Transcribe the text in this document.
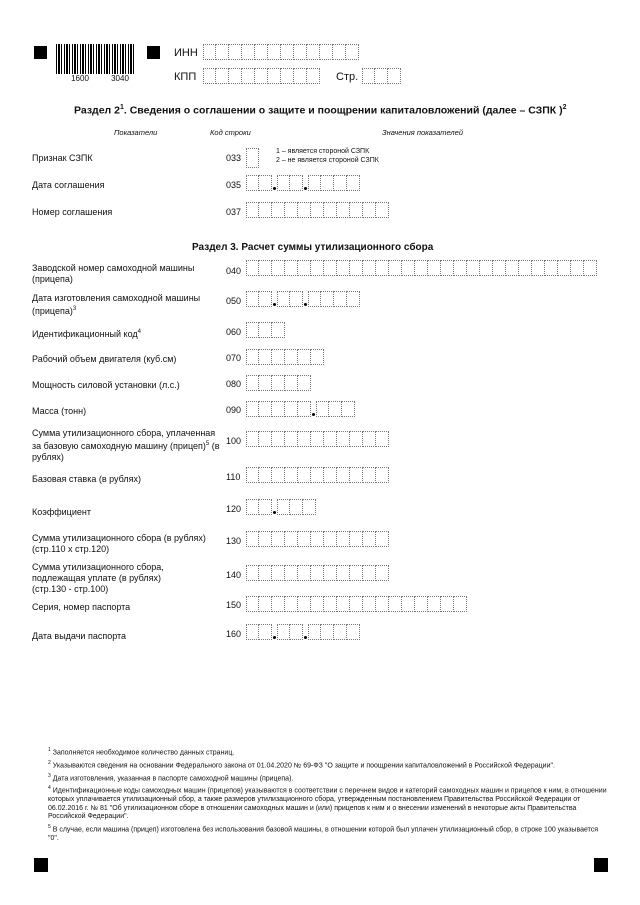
1600	3040
ИНН
КПП	Стр.
Раздел $2^1$. Сведения о соглашении о защите и поощрении капиталовложений (далее – СЗПК )$^2$
Показатели	Код строки	Значения показателей
Признак СЗПК	033
1 – является стороной СЗПК
2 – не является стороной СЗПК
Дата соглашения	035
Номер соглашения	037
Раздел 3. Расчет суммы утилизационного сбора
Заводской номер самоходной машины (прицепа)
040
Дата изготовления самоходной машины (прицепа)$^3$
050
Идентификационный код$^4$	060
Рабочий объем двигателя (куб.см)	070
Мощность силовой установки (л.с.)	080
Масса (тонн)	090
Сумма утилизационного сбора, уплаченная за базовую самоходную машину (прицеп)$^5$ (в рублях)
100
Базовая ставка (в рублях)	110
Коэффициент	120
Сумма утилизационного сбора (в рублях) (стр.110 х стр.120)
130
Сумма утилизационного сбора, подлежащая уплате (в рублях) (стр.130 - стр.100)
140
Серия, номер паспорта	150
Дата выдачи паспорта	160

$^1$ Заполняется необходимое количество данных страниц.

$^2$ Указываются сведения на основании Федерального закона от 01.04.2020 № 69-ФЗ "О защите и поощрении капиталовложений в Российской Федерации".

$^3$ Дата изготовления, указанная в паспорте самоходной машины (прицепа).

$^4$ Идентификационные коды самоходных машин (прицепов) указываются в соответствии с перечнем видов и категорий самоходных машин и прицепов к ним, в отношении которых уплачивается утилизационный сбор, а также размеров утилизационного сбора, утвержденным постановлением Правительства Российской Федерации от 06.02.2016 г. № 81 "Об утилизационном сборе в отношении самоходных машин и (или) прицепов к ним и о внесении изменений в некоторые акты Правительства Российской Федерации".

$^5$ В случае, если машина (прицеп) изготовлена без использования базовой машины, в отношении которой был уплачен утилизационный сбор, в строке 100 указывается "0".
